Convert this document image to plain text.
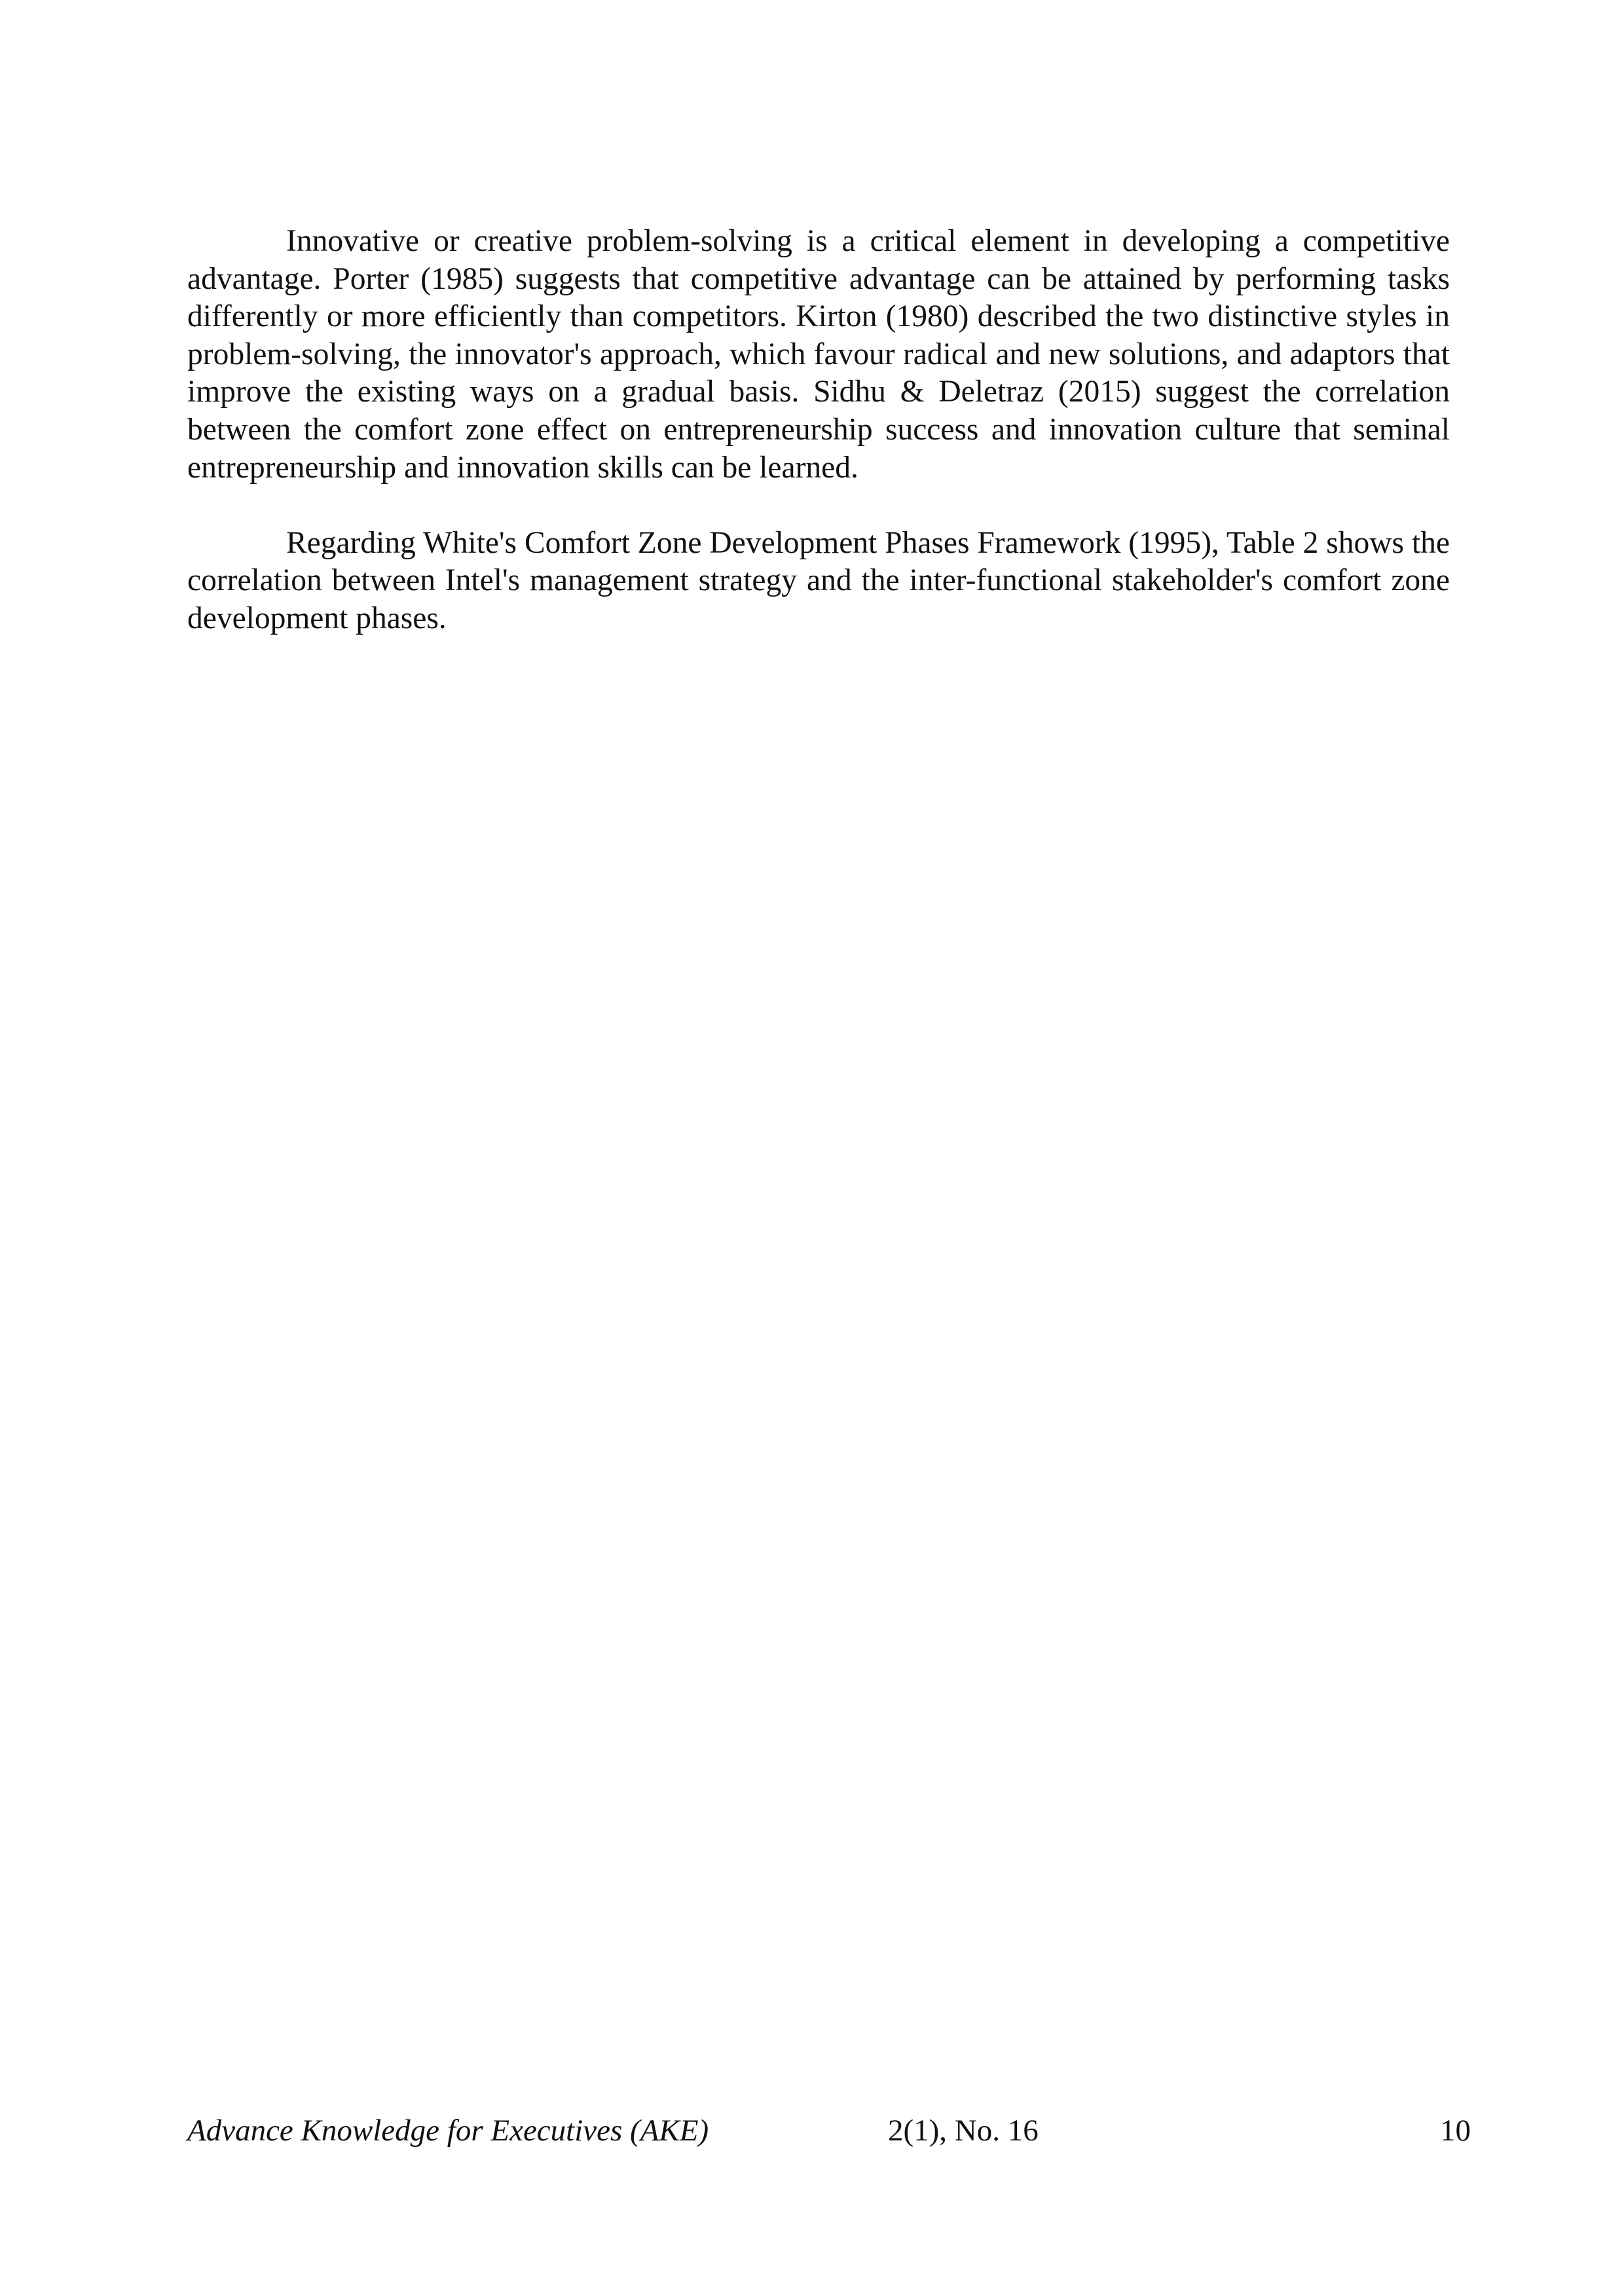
Innovative or creative problem-solving is a critical element in developing a competitive advantage. Porter (1985) suggests that competitive advantage can be attained by performing tasks differently or more efficiently than competitors. Kirton (1980) described the two distinctive styles in problem-solving, the innovator's approach, which favour radical and new solutions, and adaptors that improve the existing ways on a gradual basis. Sidhu & Deletraz (2015) suggest the correlation between the comfort zone effect on entrepreneurship success and innovation culture that seminal entrepreneurship and innovation skills can be learned.

Regarding White's Comfort Zone Development Phases Framework (1995), Table 2 shows the correlation between Intel's management strategy and the inter-functional stakeholder's comfort zone development phases.

Advance Knowledge for Executives (AKE)	2(1), No. 16	10
